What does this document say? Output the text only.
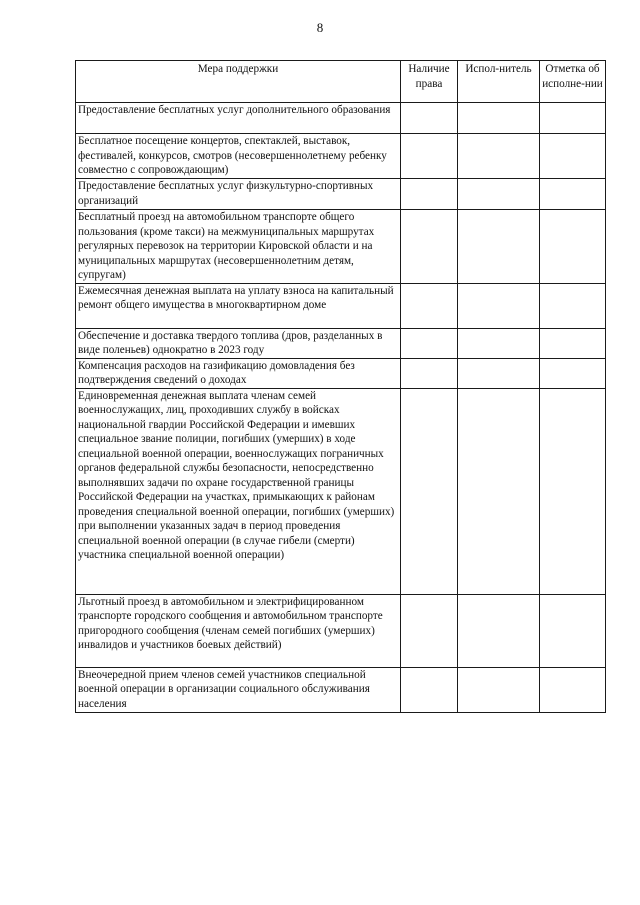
8
Мера поддержки	Наличие права	Испол-нитель	Отметка об исполне-нии
Предоставление бесплатных услуг дополнительного образования			
Бесплатное посещение концертов, спектаклей, выставок, фестивалей, конкурсов, смотров (несовершеннолетнему ребенку совместно с сопровождающим)			
Предоставление бесплатных услуг физкультурно-спортивных организаций			
Бесплатный проезд на автомобильном транспорте общего пользования (кроме такси) на межмуниципальных маршрутах регулярных перевозок на территории Кировской области и на муниципальных маршрутах (несовершеннолетним детям, супругам)			
Ежемесячная денежная выплата на уплату взноса на капитальный ремонт общего имущества в многоквартирном доме			
Обеспечение и доставка твердого топлива (дров, разделанных в виде поленьев) однократно в 2023 году			
Компенсация расходов на газификацию домовладения без подтверждения сведений о доходах			
Единовременная денежная выплата членам семей военнослужащих, лиц, проходивших службу в войсках национальной гвардии Российской Федерации и имевших специальное звание полиции, погибших (умерших) в ходе специальной военной операции, военнослужащих пограничных органов федеральной службы безопасности, непосредственно выполнявших задачи по охране государственной границы Российской Федерации на участках, примыкающих к районам проведения специальной военной операции, погибших (умерших) при выполнении указанных задач в период проведения специальной военной операции (в случае гибели (смерти) участника специальной военной операции)			
Льготный проезд в автомобильном и электрифицированном транспорте городского сообщения и автомобильном транспорте пригородного сообщения (членам семей погибших (умерших) инвалидов и участников боевых действий)			
Внеочередной прием членов семей участников специальной военной операции в организации социального обслуживания населения			
